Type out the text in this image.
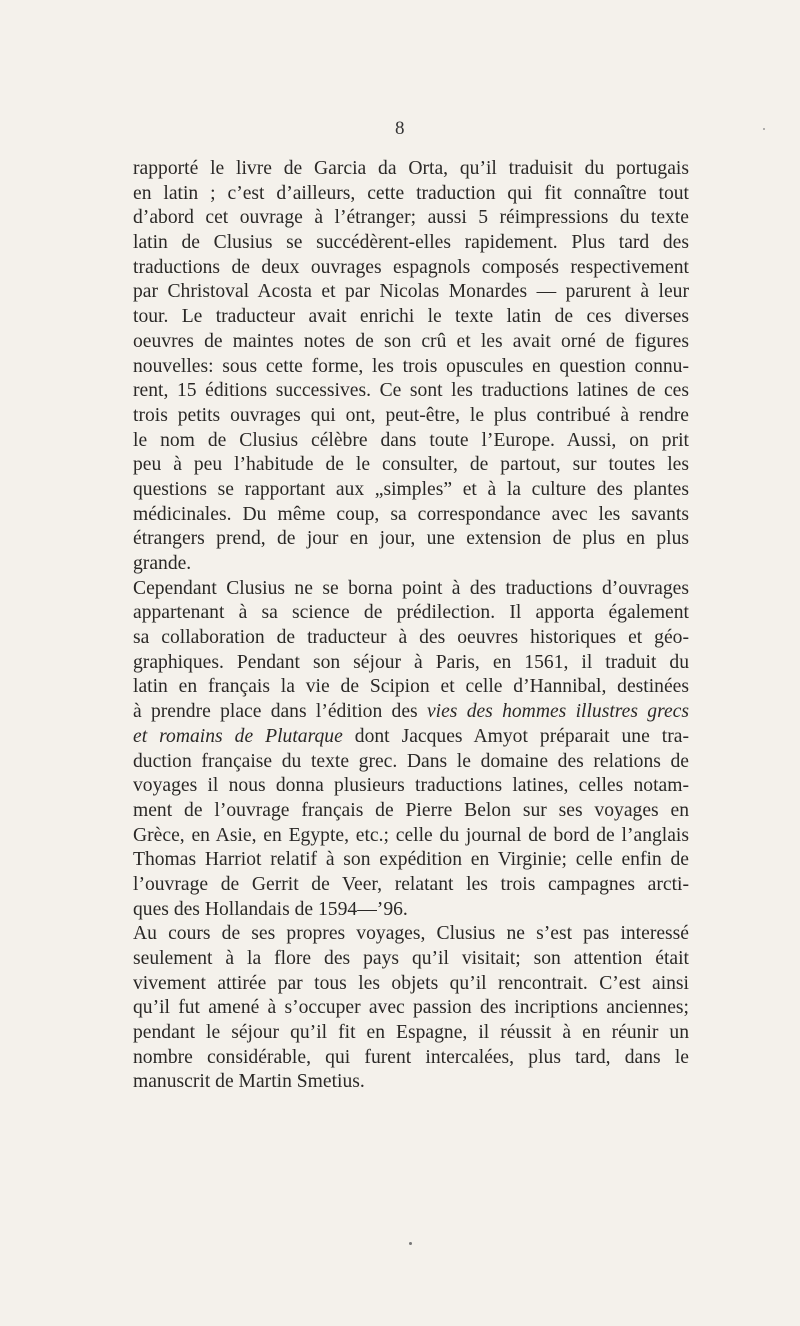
8
rapporté le livre de Garcia da Orta, qu’il traduisit du portugais
en latin ; c’est d’ailleurs, cette traduction qui fit connaître tout
d’abord cet ouvrage à l’étranger; aussi 5 réimpressions du texte
latin de Clusius se succédèrent-elles rapidement. Plus tard des
traductions de deux ouvrages espagnols composés respectivement
par Christoval Acosta et par Nicolas Monardes — parurent à leur
tour. Le traducteur avait enrichi le texte latin de ces diverses
oeuvres de maintes notes de son crû et les avait orné de figures
nouvelles: sous cette forme, les trois opuscules en question connu-
rent, 15 éditions successives. Ce sont les traductions latines de ces
trois petits ouvrages qui ont, peut-être, le plus contribué à rendre
le nom de Clusius célèbre dans toute l’Europe. Aussi, on prit
peu à peu l’habitude de le consulter, de partout, sur toutes les
questions se rapportant aux „simples” et à la culture des plantes
médicinales. Du même coup, sa correspondance avec les savants
étrangers prend, de jour en jour, une extension de plus en plus
grande.
Cependant Clusius ne se borna point à des traductions d’ouvrages
appartenant à sa science de prédilection. Il apporta également
sa collaboration de traducteur à des oeuvres historiques et géo-
graphiques. Pendant son séjour à Paris, en 1561, il traduit du
latin en français la vie de Scipion et celle d’Hannibal, destinées
à prendre place dans l’édition des vies des hommes illustres grecs
et romains de Plutarque dont Jacques Amyot préparait une tra-
duction française du texte grec. Dans le domaine des relations de
voyages il nous donna plusieurs traductions latines, celles notam-
ment de l’ouvrage français de Pierre Belon sur ses voyages en
Grèce, en Asie, en Egypte, etc.; celle du journal de bord de l’anglais
Thomas Harriot relatif à son expédition en Virginie; celle enfin de
l’ouvrage de Gerrit de Veer, relatant les trois campagnes arcti-
ques des Hollandais de 1594—’96.
Au cours de ses propres voyages, Clusius ne s’est pas interessé
seulement à la flore des pays qu’il visitait; son attention était
vivement attirée par tous les objets qu’il rencontrait. C’est ainsi
qu’il fut amené à s’occuper avec passion des incriptions anciennes;
pendant le séjour qu’il fit en Espagne, il réussit à en réunir un
nombre considérable, qui furent intercalées, plus tard, dans le
manuscrit de Martin Smetius.
